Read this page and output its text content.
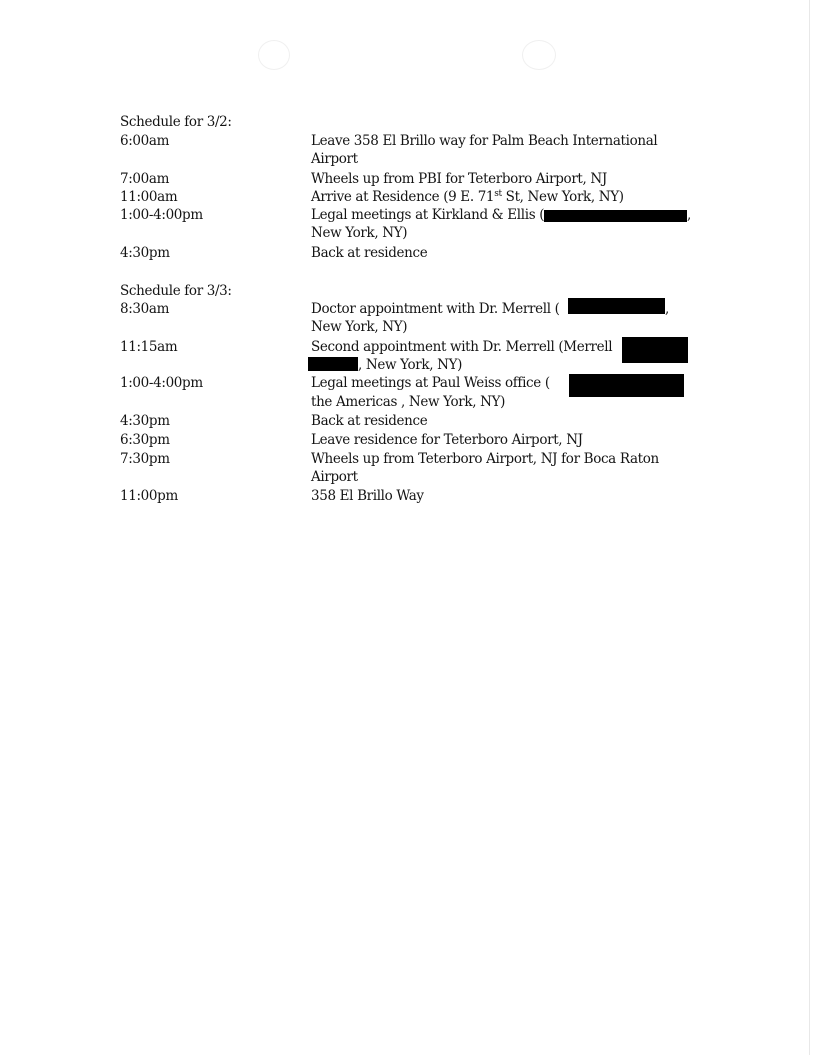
Schedule for 3/2:
6:00am	Leave 358 El Brillo way for Palm Beach International
Airport
7:00am	Wheels up from PBI for Teterboro Airport, NJ
11:00am	Arrive at Residence (9 E. 71st St, New York, NY)
1:00-4:00pm	Legal meetings at Kirkland & Ellis (	,
New York, NY)
4:30pm	Back at residence
Schedule for 3/3:
8:30am	Doctor appointment with Dr. Merrell (	,
New York, NY)
11:15am	Second appointment with Dr. Merrell (Merrell
, New York, NY)
1:00-4:00pm	Legal meetings at Paul Weiss office (
the Americas , New York, NY)
4:30pm	Back at residence
6:30pm	Leave residence for Teterboro Airport, NJ
7:30pm	Wheels up from Teterboro Airport, NJ for Boca Raton
Airport
11:00pm	358 El Brillo Way
